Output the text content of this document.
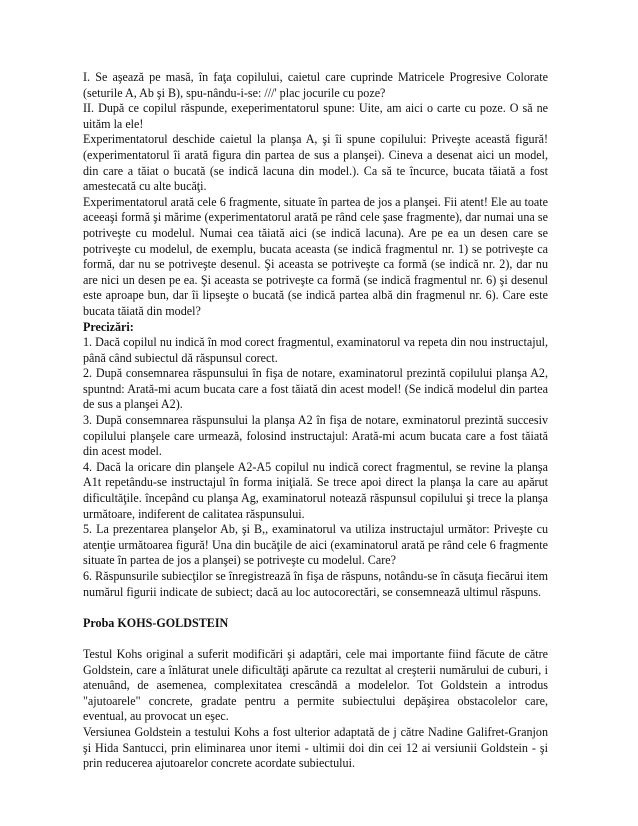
I. Se aşează pe masă, în faţa copilului, caietul care cuprinde Matricele Progresive Colorate (seturile A, Ab şi B), spu-nându-i-se: ///' plac jocurile cu poze?

II. După ce copilul răspunde, exeperimentatorul spune: Uite, am aici o carte cu poze. O să ne uităm la ele!

Experimentatorul deschide caietul la planşa A, şi îi spune copilului: Priveşte această figură! (experimentatorul îi arată figura din partea de sus a planşei). Cineva a desenat aici un model, din care a tăiat o bucată (se indică lacuna din model.). Ca să te încurce, bucata tăiată a fost amestecată cu alte bucăţi.

Experimentatorul arată cele 6 fragmente, situate în partea de jos a planşei. Fii atent! Ele au toate aceeaşi formă şi mărime (experimentatorul arată pe rând cele şase fragmente), dar numai una se potriveşte cu modelul. Numai cea tăiată aici (se indică lacuna). Are pe ea un desen care se potriveşte cu modelul, de exemplu, bucata aceasta (se indică fragmentul nr. 1) se potriveşte ca formă, dar nu se potriveşte desenul. Şi aceasta se potriveşte ca formă (se indică nr. 2), dar nu are nici un desen pe ea. Şi aceasta se potriveşte ca formă (se indică fragmentul nr. 6) şi desenul este aproape bun, dar îi lipseşte o bucată (se indică partea albă din fragmenul nr. 6). Care este bucata tăiată din model?

Precizări:

1. Dacă copilul nu indică în mod corect fragmentul, examinatorul va repeta din nou instructajul, până când subiectul dă răspunsul corect.

2. După consemnarea răspunsului în fişa de notare, examinatorul prezintă copilului planşa A2, spuntnd: Arată-mi acum bucata care a fost tăiată din acest model! (Se indică modelul din partea de sus a planşei A2).

3. După consemnarea răspunsului la planşa A2 în fişa de notare, exminatorul prezintă succesiv copilului planşele care urmează, folosind instructajul: Arată-mi acum bucata care a fost tăiată din acest model.

4. Dacă la oricare din planşele A2-A5 copilul nu indică corect fragmentul, se revine la planşa A1t repetându-se instructajul în forma iniţială. Se trece apoi direct la planşa la care au apărut dificultăţile. începând cu planşa Ag, examinatorul notează răspunsul copilului şi trece la planşa următoare, indiferent de calitatea răspunsului.

5. La prezentarea planşelor Ab, şi B,, examinatorul va utiliza instructajul următor: Priveşte cu atenţie următoarea figură! Una din bucăţile de aici (examinatorul arată pe rând cele 6 fragmente situate în partea de jos a planşei) se potriveşte cu modelul. Care?

6. Răspunsurile subiecţilor se înregistrează în fişa de răspuns, notându-se în căsuţa fiecărui item numărul figurii indicate de subiect; dacă au loc autocorectări, se consemnează ultimul răspuns.

Proba KOHS-GOLDSTEIN

Testul Kohs original a suferit modificări şi adaptări, cele mai importante fiind făcute de către Goldstein, care a înlăturat unele dificultăţi apărute ca rezultat al creşterii numărului de cuburi, i atenuând, de asemenea, complexitatea crescândă a modelelor. Tot Goldstein a introdus "ajutoarele" concrete, gradate pentru a permite subiectului depăşirea obstacolelor care, eventual, au provocat un eşec.

Versiunea Goldstein a testului Kohs a fost ulterior adaptată de j către Nadine Galifret-Granjon şi Hida Santucci, prin eliminarea unor itemi - ultimii doi din cei 12 ai versiunii Goldstein - şi prin reducerea ajutoarelor concrete acordate subiectului.
